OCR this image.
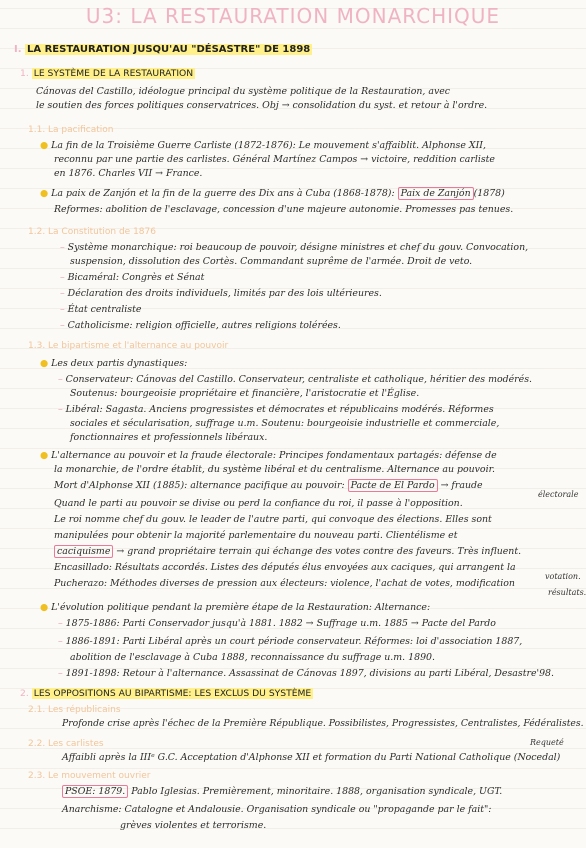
U3: LA RESTAURATION MONARCHIQUE
I. LA RESTAURATION JUSQU'AU "DÉSASTRE" DE 1898
1. LE SYSTÈME DE LA RESTAURATION
Cánovas del Castillo, idéologue principal du système politique de la Restauration, avec
le soutien des forces politiques conservatrices. Obj → consolidation du syst. et retour à l'ordre.
1.1. La pacification
● La fin de la Troisième Guerre Carliste (1872-1876): Le mouvement s'affaiblit. Alphonse XII,
reconnu par une partie des carlistes. Général Martínez Campos → victoire, reddition carliste
en 1876. Charles VII → France.
● La paix de Zanjón et la fin de la guerre des Dix ans à Cuba (1868-1878): Paix de Zanjón (1878)
Reformes: abolition de l'esclavage, concession d'une majeure autonomie. Promesses pas tenues.
1.2. La Constitution de 1876
– Système monarchique: roi beaucoup de pouvoir, désigne ministres et chef du gouv. Convocation,
suspension, dissolution des Cortès. Commandant suprême de l'armée. Droit de veto.
– Bicaméral: Congrès et Sénat
– Déclaration des droits individuels, limités par des lois ultérieures.
– État centraliste
– Catholicisme: religion officielle, autres religions tolérées.
1.3. Le bipartisme et l'alternance au pouvoir
● Les deux partis dynastiques:
– Conservateur: Cánovas del Castillo. Conservateur, centraliste et catholique, héritier des modérés.
Soutenus: bourgeoisie propriétaire et financière, l'aristocratie et l'Église.
– Libéral: Sagasta. Anciens progressistes et démocrates et républicains modérés. Réformes
sociales et sécularisation, suffrage u.m. Soutenu: bourgeoisie industrielle et commerciale,
fonctionnaires et professionnels libéraux.
● L'alternance au pouvoir et la fraude électorale: Principes fondamentaux partagés: défense de
la monarchie, de l'ordre établit, du système libéral et du centralisme. Alternance au pouvoir.
Mort d'Alphonse XII (1885): alternance pacifique au pouvoir: Pacte de El Pardo → fraude
électorale
Quand le parti au pouvoir se divise ou perd la confiance du roi, il passe à l'opposition.
Le roi nomme chef du gouv. le leader de l'autre parti, qui convoque des élections. Elles sont
manipulées pour obtenir la majorité parlementaire du nouveau parti. Clientélisme et
caciquisme → grand propriétaire terrain qui échange des votes contre des faveurs. Très influent.
Encasillado: Résultats accordés. Listes des députés élus envoyées aux caciques, qui arrangent la
votation.
Pucherazo: Méthodes diverses de pression aux électeurs: violence, l'achat de votes, modification
résultats.
● L'évolution politique pendant la première étape de la Restauration: Alternance:
– 1875-1886: Parti Conservador jusqu'à 1881. 1882 → Suffrage u.m. 1885 → Pacte del Pardo
– 1886-1891: Parti Libéral après un court période conservateur. Réformes: loi d'association 1887,
abolition de l'esclavage à Cuba 1888, reconnaissance du suffrage u.m. 1890.
– 1891-1898: Retour à l'alternance. Assassinat de Cánovas 1897, divisions au parti Libéral, Desastre'98.
2. LES OPPOSITIONS AU BIPARTISME: LES EXCLUS DU SYSTÈME
2.1. Les républicains
Profonde crise après l'échec de la Première République. Possibilistes, Progressistes, Centralistes, Fédéralistes.
2.2. Les carlistes	Requeté
Affaibli après la IIIᵉ G.C. Acceptation d'Alphonse XII et formation du Parti National Catholique (Nocedal)
2.3. Le mouvement ouvrier
PSOE: 1879. Pablo Iglesias. Premièrement, minoritaire. 1888, organisation syndicale, UGT.
Anarchisme: Catalogne et Andalousie. Organisation syndicale ou "propagande par le fait":
grèves violentes et terrorisme.
